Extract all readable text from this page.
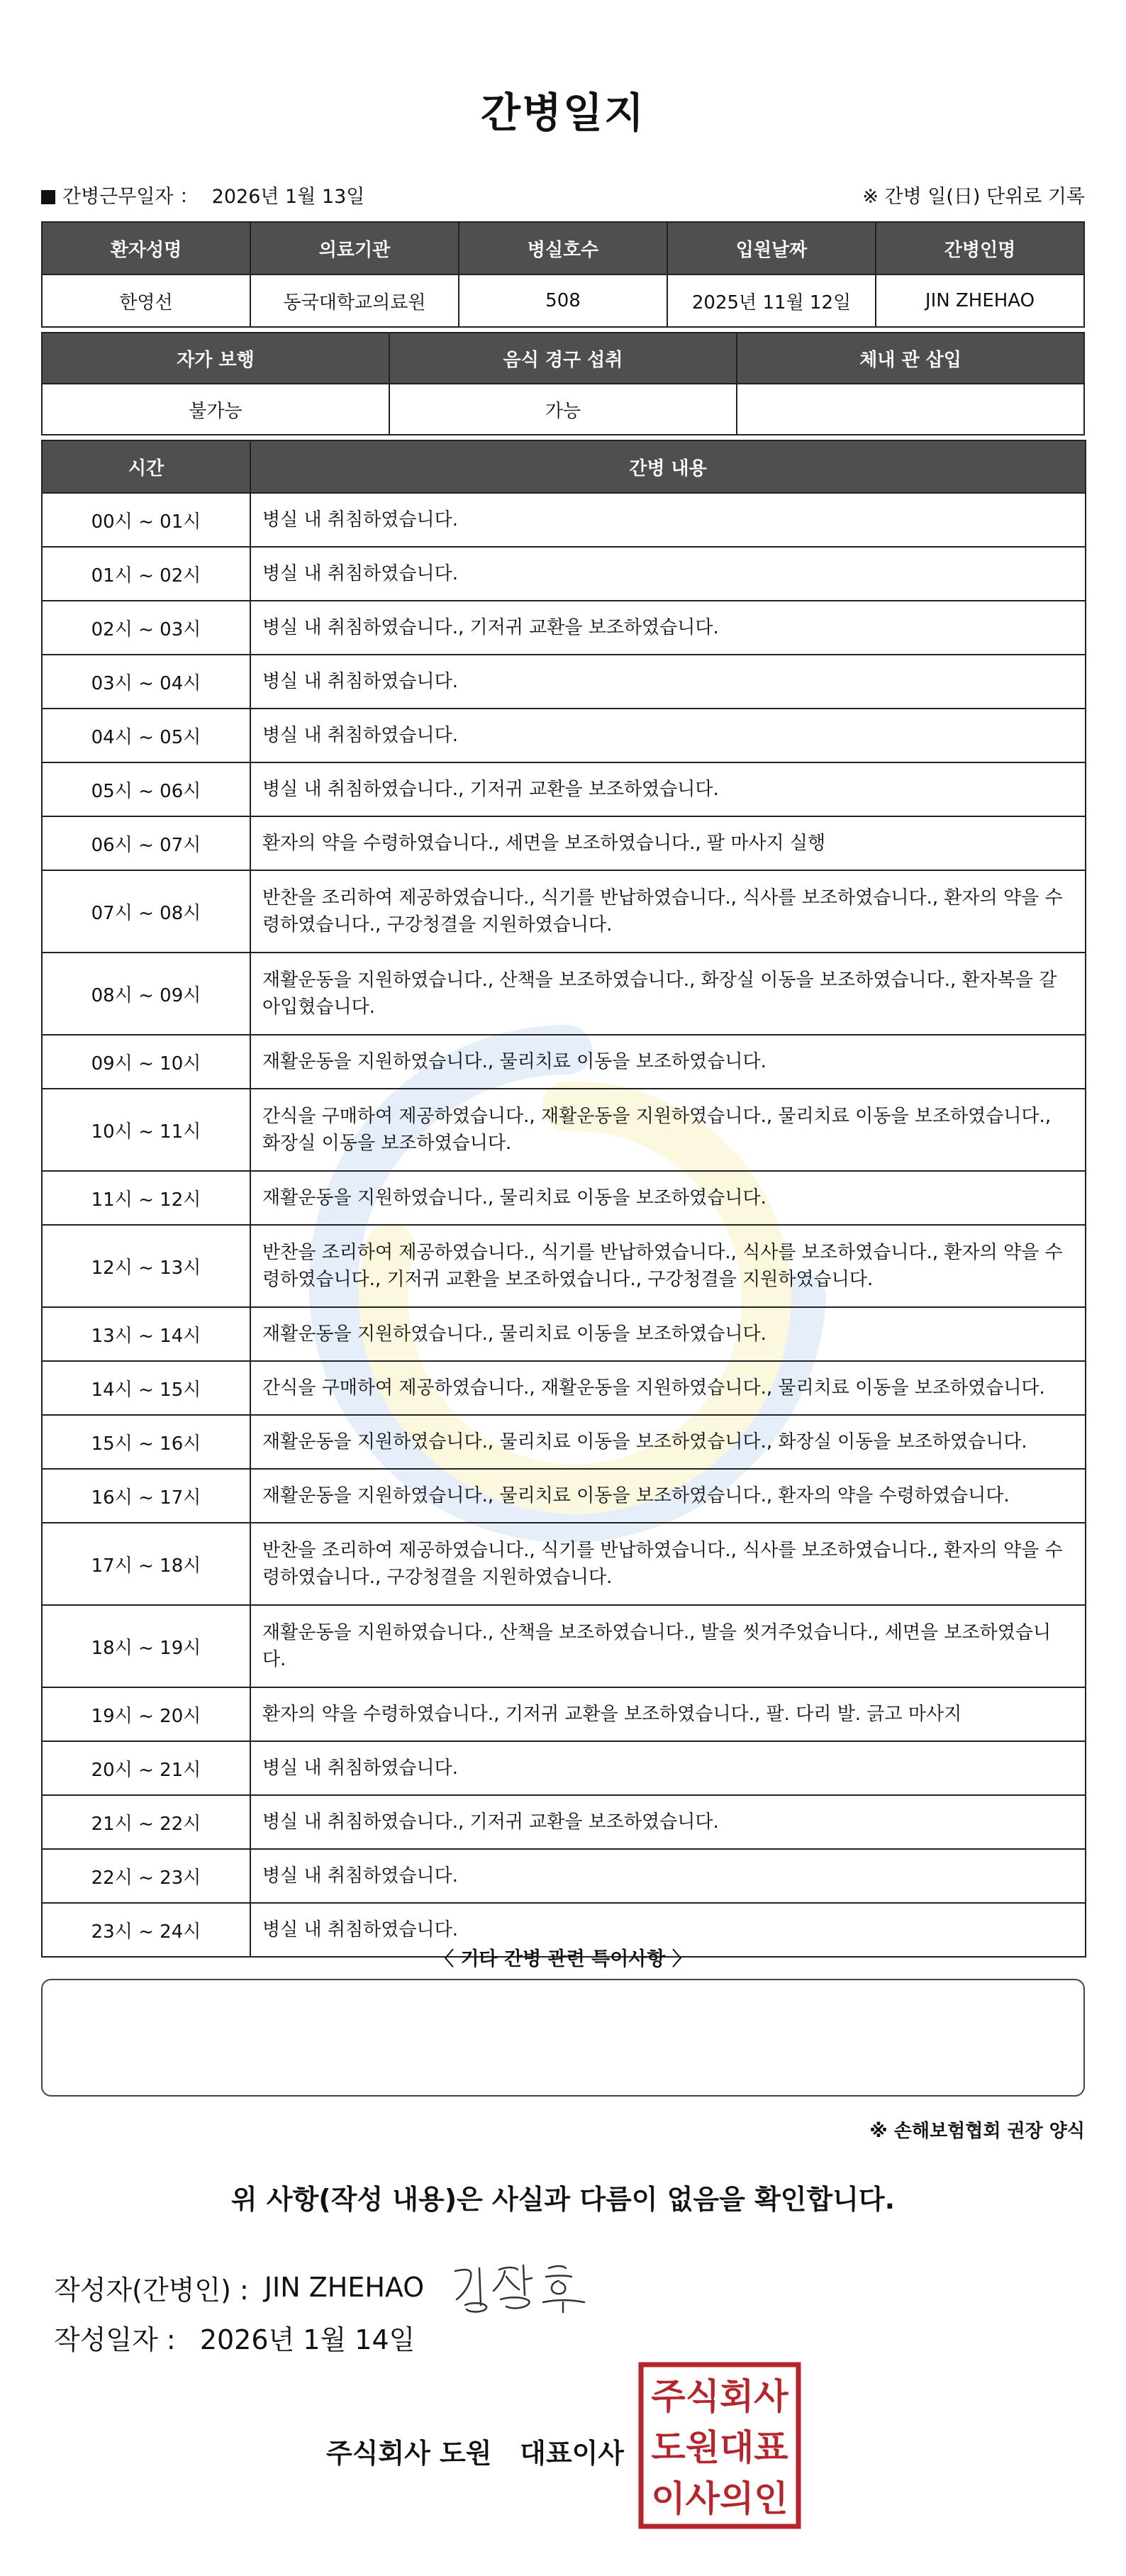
간병일지
간병근무일자 ： 2026년 1월 13일	※ 간병 일(日) 단위로 기록
환자성명	의료기관	병실호수	입원날짜	간병인명
한영선	동국대학교의료원	508	2025년 11월 12일	JIN ZHEHAO
자가 보행	음식 경구 섭취	체내 관 삽입
불가능	가능	
시간	간병 내용
00시 ~ 01시	병실 내 취침하였습니다.
01시 ~ 02시	병실 내 취침하였습니다.
02시 ~ 03시	병실 내 취침하였습니다., 기저귀 교환을 보조하였습니다.
03시 ~ 04시	병실 내 취침하였습니다.
04시 ~ 05시	병실 내 취침하였습니다.
05시 ~ 06시	병실 내 취침하였습니다., 기저귀 교환을 보조하였습니다.
06시 ~ 07시	환자의 약을 수령하였습니다., 세면을 보조하였습니다., 팔 마사지 실행
07시 ~ 08시	반찬을 조리하여 제공하였습니다., 식기를 반납하였습니다., 식사를 보조하였습니다., 환자의 약을 수령하였습니다., 구강청결을 지원하였습니다.
08시 ~ 09시	재활운동을 지원하였습니다., 산책을 보조하였습니다., 화장실 이동을 보조하였습니다., 환자복을 갈아입혔습니다.
09시 ~ 10시	재활운동을 지원하였습니다., 물리치료 이동을 보조하였습니다.
10시 ~ 11시	간식을 구매하여 제공하였습니다., 재활운동을 지원하였습니다., 물리치료 이동을 보조하였습니다., 화장실 이동을 보조하였습니다.
11시 ~ 12시	재활운동을 지원하였습니다., 물리치료 이동을 보조하였습니다.
12시 ~ 13시	반찬을 조리하여 제공하였습니다., 식기를 반납하였습니다., 식사를 보조하였습니다., 환자의 약을 수령하였습니다., 기저귀 교환을 보조하였습니다., 구강청결을 지원하였습니다.
13시 ~ 14시	재활운동을 지원하였습니다., 물리치료 이동을 보조하였습니다.
14시 ~ 15시	간식을 구매하여 제공하였습니다., 재활운동을 지원하였습니다., 물리치료 이동을 보조하였습니다.
15시 ~ 16시	재활운동을 지원하였습니다., 물리치료 이동을 보조하였습니다., 화장실 이동을 보조하였습니다.
16시 ~ 17시	재활운동을 지원하였습니다., 물리치료 이동을 보조하였습니다., 환자의 약을 수령하였습니다.
17시 ~ 18시	반찬을 조리하여 제공하였습니다., 식기를 반납하였습니다., 식사를 보조하였습니다., 환자의 약을 수령하였습니다., 구강청결을 지원하였습니다.
18시 ~ 19시	재활운동을 지원하였습니다., 산책을 보조하였습니다., 발을 씻겨주었습니다., 세면을 보조하였습니다.
19시 ~ 20시	환자의 약을 수령하였습니다., 기저귀 교환을 보조하였습니다., 팔. 다리 발. 긁고 마사지
20시 ~ 21시	병실 내 취침하였습니다.
21시 ~ 22시	병실 내 취침하였습니다., 기저귀 교환을 보조하였습니다.
22시 ~ 23시	병실 내 취침하였습니다.
23시 ~ 24시	병실 내 취침하였습니다.
〈 기타 간병 관련 특이사항 〉
※ 손해보험협회 권장 양식
위 사항(작성 내용)은 사실과 다름이 없음을 확인합니다.
작성자(간병인) : JIN ZHEHAO
작성일자 : 2026년 1월 14일
주식회사 도원   대표이사
주식회사
도원대표
이사의인
